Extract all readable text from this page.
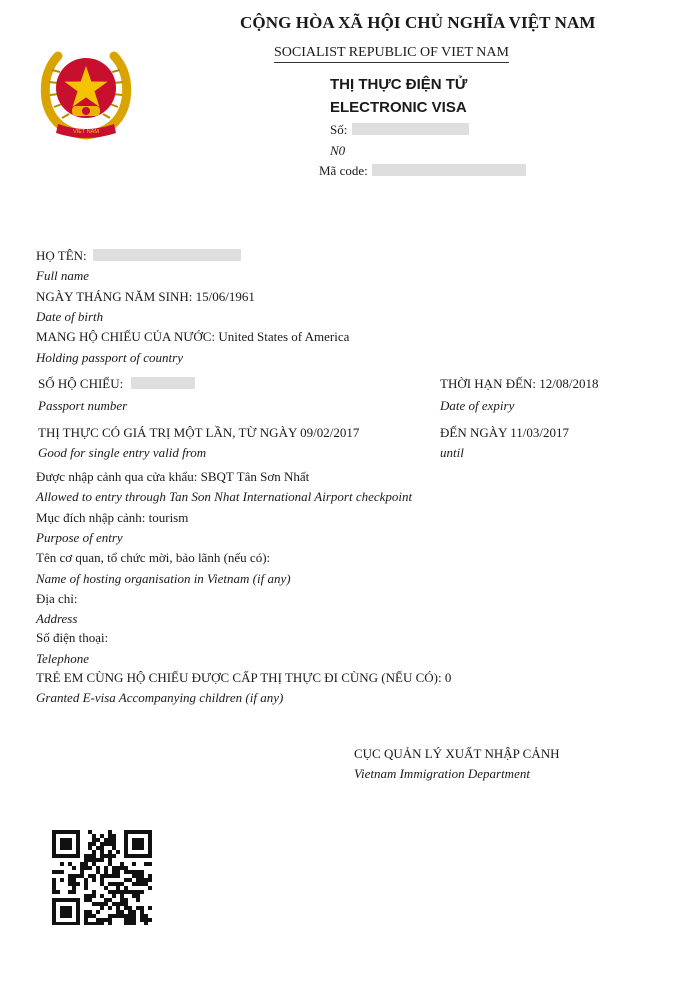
VIỆT NAM
CỘNG HÒA XÃ HỘI CHỦ NGHĨA VIỆT NAM
SOCIALIST REPUBLIC OF VIET NAM
THỊ THỰC ĐIỆN TỬ
ELECTRONIC VISA
Số:
N0
Mã code:
HỌ TÊN:
Full name
NGÀY THÁNG NĂM SINH: 15/06/1961
Date of birth
MANG HỘ CHIẾU CỦA NƯỚC: United States of America
Holding passport of country
SỐ HỘ CHIẾU:
Passport number
THỜI HẠN ĐẾN: 12/08/2018
Date of expiry
THỊ THỰC CÓ GIÁ TRỊ MỘT LẦN, TỪ NGÀY 09/02/2017
Good for single entry valid from
ĐẾN NGÀY 11/03/2017
until
Được nhập cảnh qua cửa khẩu: SBQT Tân Sơn Nhất
Allowed to entry through Tan Son Nhat International Airport checkpoint
Mục đích nhập cảnh: tourism
Purpose of entry
Tên cơ quan, tổ chức mời, bảo lãnh (nếu có):
Name of hosting organisation in Vietnam (if any)
Địa chỉ:
Address
Số điện thoại:
Telephone
TRẺ EM CÙNG HỘ CHIẾU ĐƯỢC CẤP THỊ THỰC ĐI CÙNG (NẾU CÓ): 0
Granted E-visa Accompanying children (if any)
CỤC QUẢN LÝ XUẤT NHẬP CẢNH
Vietnam Immigration Department
